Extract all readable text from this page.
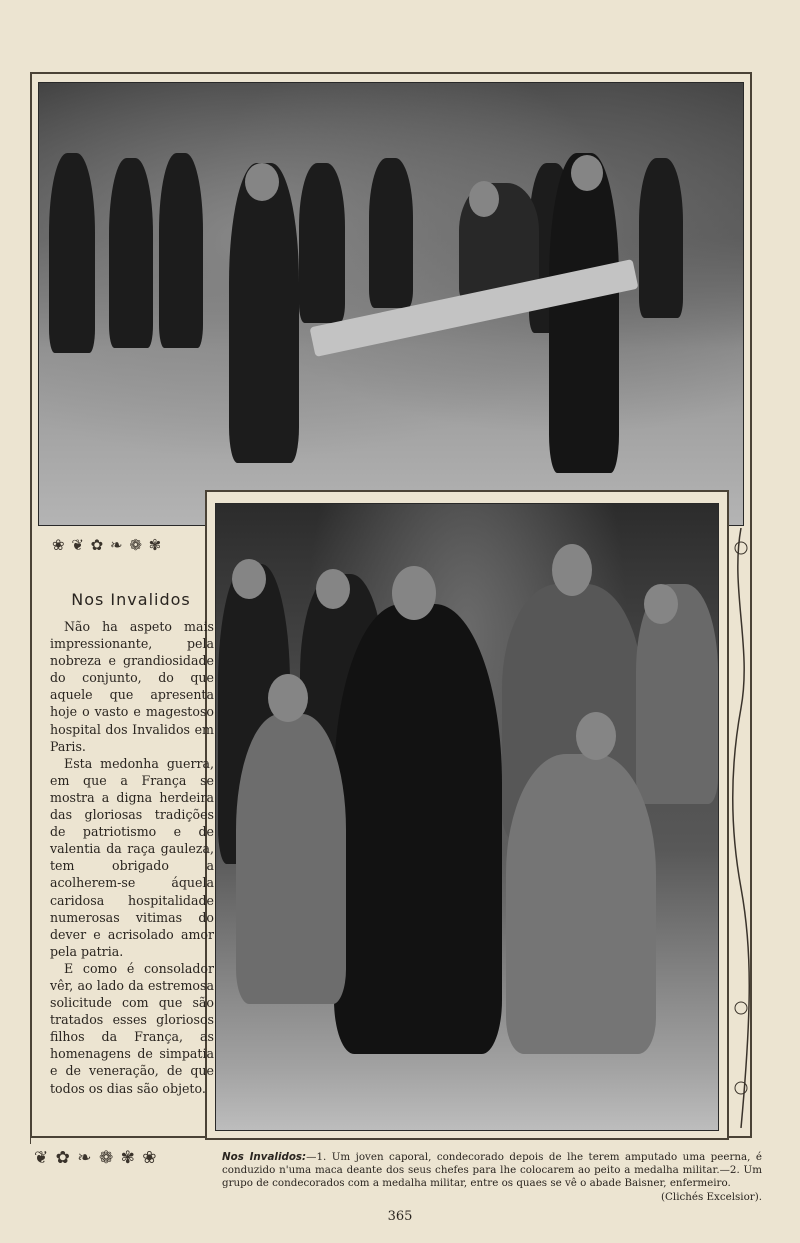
❀ ❦ ✿ ❧ ❁ ✾
Nos Invalidos

Não ha aspeto mais impressionante, pela nobreza e grandiosidade do conjunto, do que aquele que apresenta hoje o vasto e magestoso hospital dos Invalidos em Paris.

Esta medonha guerra, em que a França se mostra a digna herdeira das gloriosas tradições de patriotismo e de valentia da raça gauleza, tem obrigado a acolherem-se áquela caridosa hospitalidade numerosas vitimas do dever e acrisolado amor pela patria.

E como é consolador vêr, ao lado da estremosa solicitude com que são tratados esses gloriosos filhos da França, as homenagens de simpatia e de veneração, de que todos os dias são objeto.

❦ ✿ ❧ ❁ ✾ ❀	Nos Invalidos:—1. Um joven caporal, condecorado depois de lhe terem amputado uma peerna, é conduzido n'uma maca deante dos seus chefes para lhe colocarem ao peito a medalha militar.—2. Um grupo de condecorados com a medalha militar, entre os quaes se vê o abade Baisner, enfermeiro.
(Clichés Excelsior).
365
